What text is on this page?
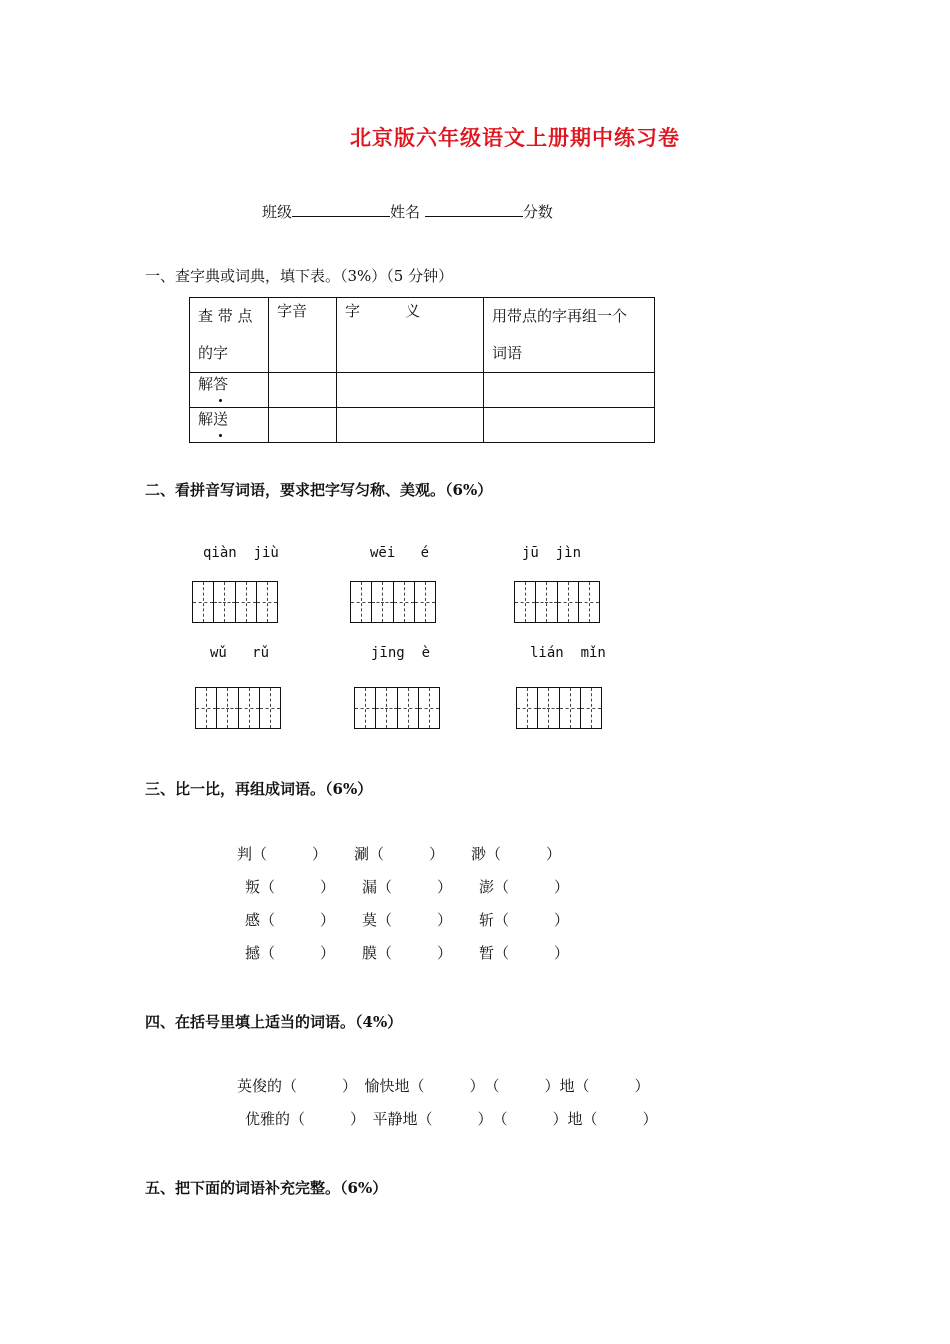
北京版六年级语文上册期中练习卷
班级	姓名	分数
一、查字典或词典，填下表。（3%）（5 分钟）
查 带 点
的字	字音	字　　　义	用带点的字再组一个
词语
解答			
解送			
二、看拼音写词语，要求把字写匀称、美观。（6%）
qiàn  jiù	wēi   é	jū  jìn
wǔ   rǔ	jīng  è	lián  mǐn
三、比一比，再组成词语。（6%）
判（　　　） 涮（　　　） 渺（　　　）
叛（　　　） 漏（　　　） 澎（　　　）
感（　　　） 莫（　　　） 斩（　　　）
撼（　　　） 膜（　　　） 暂（　　　）
四、在括号里填上适当的词语。（4%）
英俊的（　　　）　愉快地（　　　）　（　　　）地（　　　）
优雅的（　　　）　平静地（　　　）　（　　　）地（　　　）
五、把下面的词语补充完整。（6%）
